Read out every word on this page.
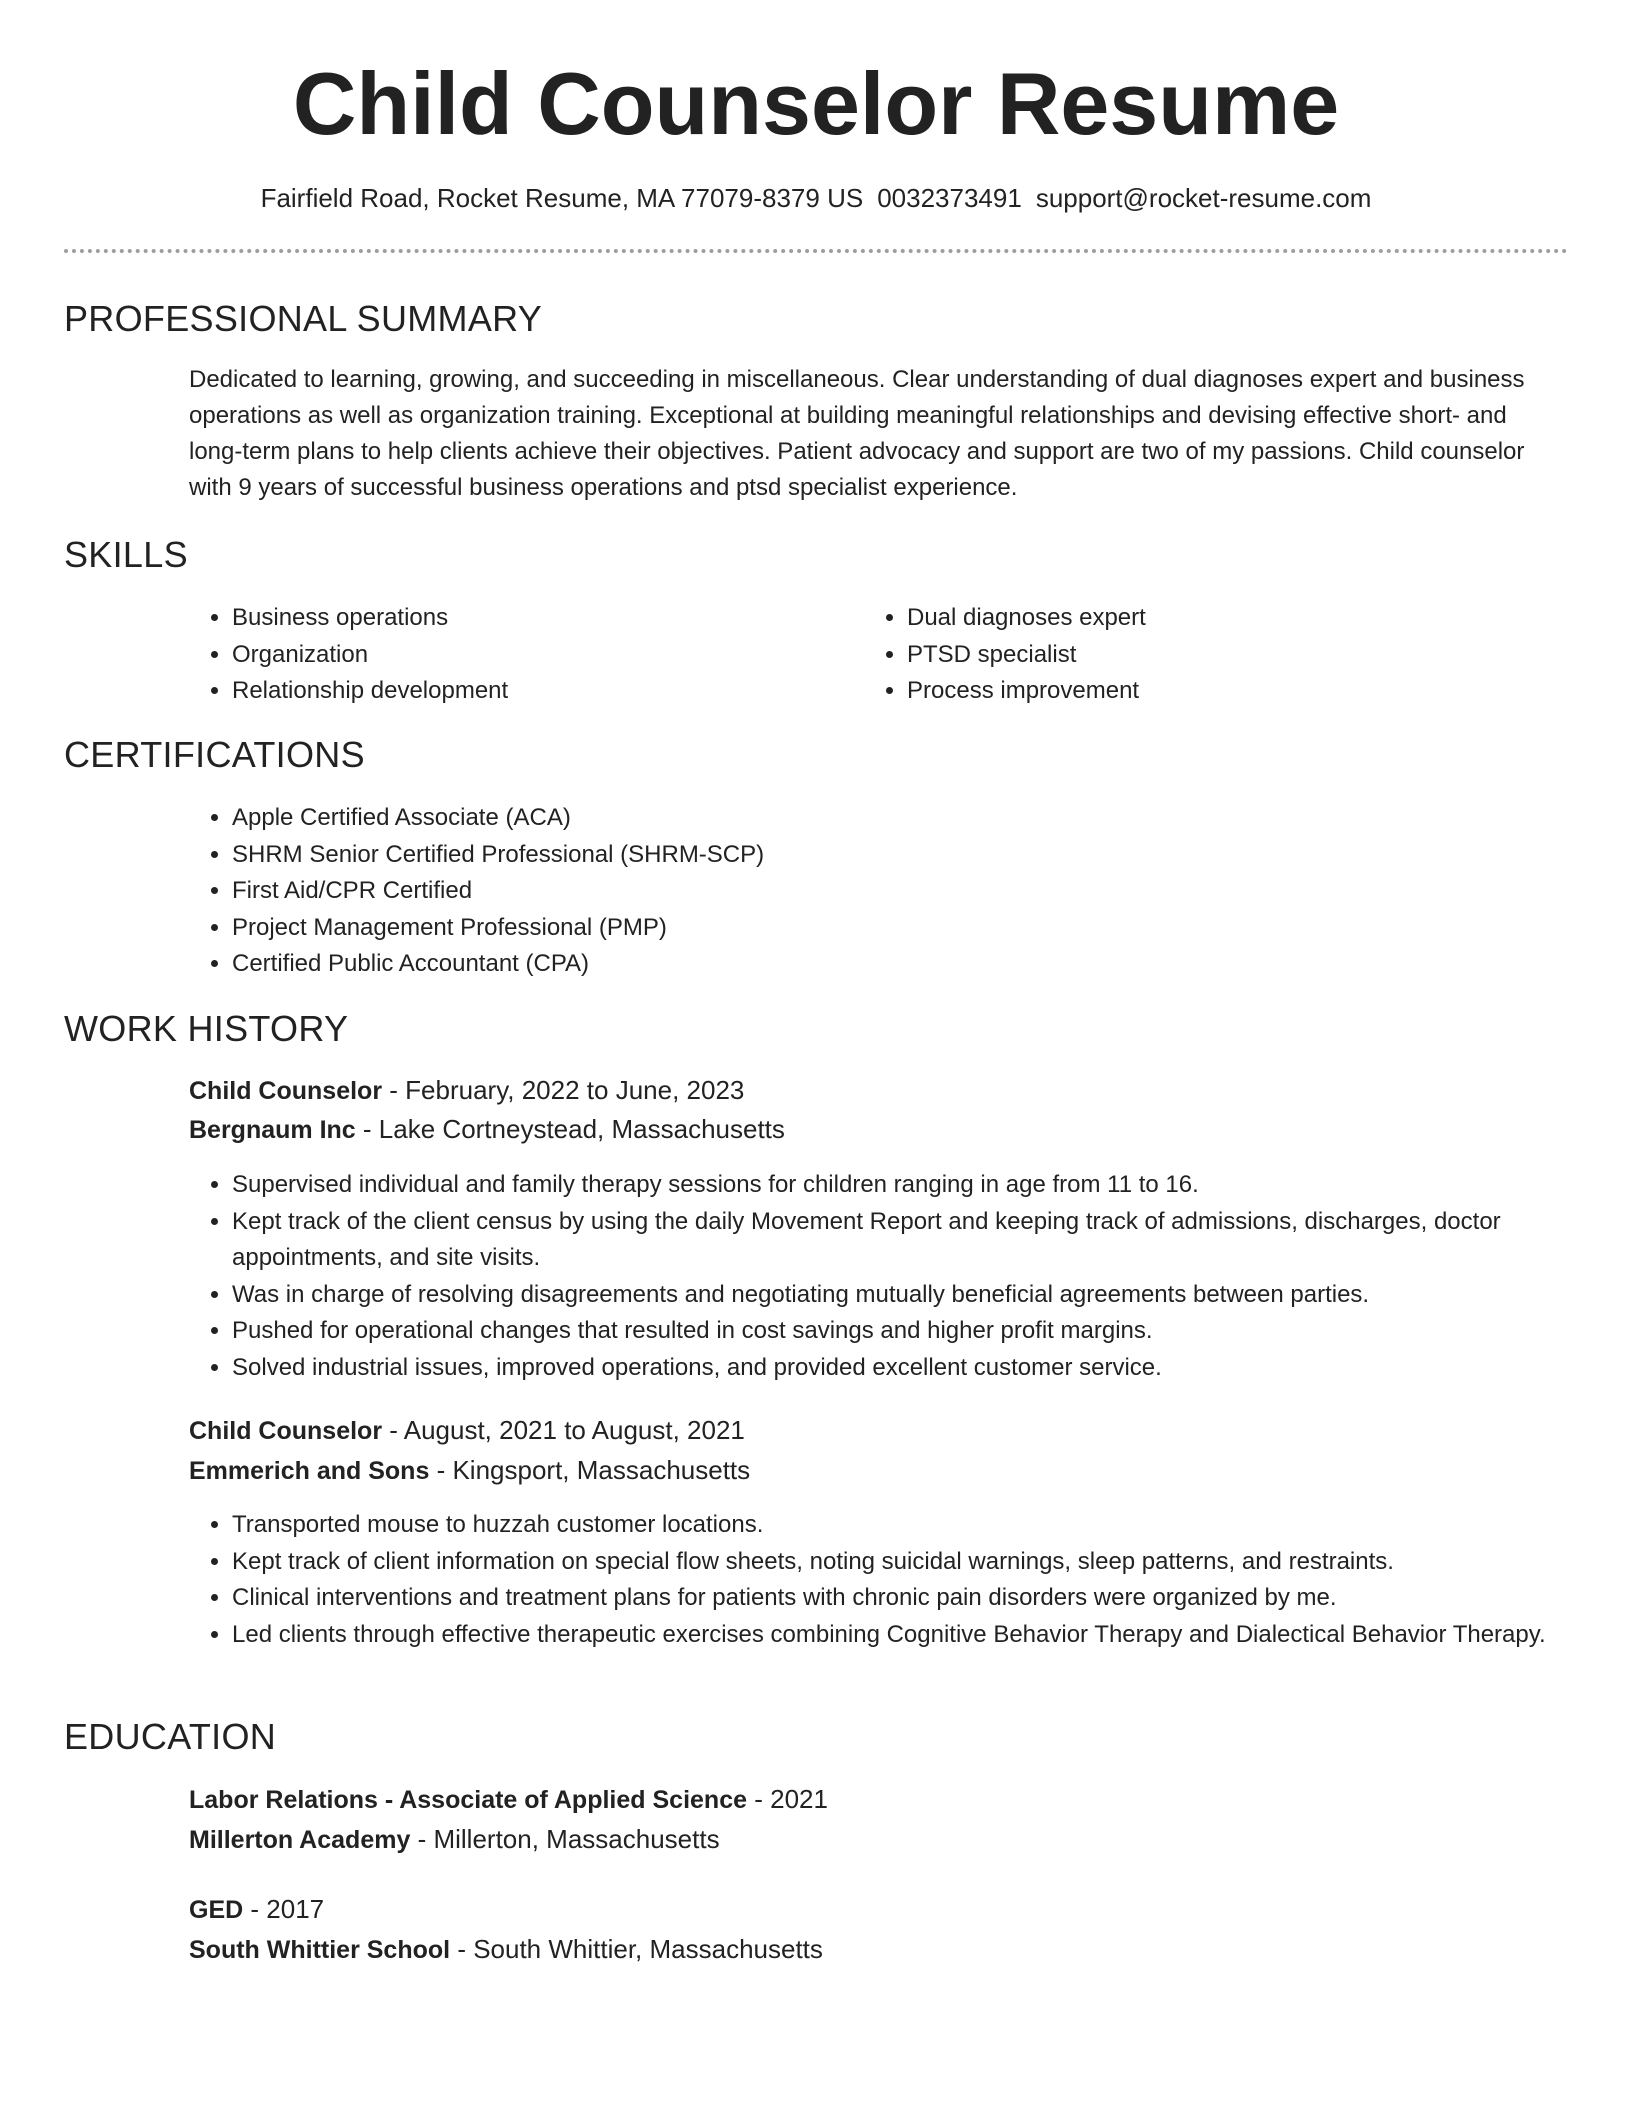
Child Counselor Resume
Fairfield Road, Rocket Resume, MA 77079-8379 US 0032373491 support@rocket-resume.com
PROFESSIONAL SUMMARY

Dedicated to learning, growing, and succeeding in miscellaneous. Clear understanding of dual diagnoses expert and business operations as well as organization training. Exceptional at building meaningful relationships and devising effective short- and long-term plans to help clients achieve their objectives. Patient advocacy and support are two of my passions. Child counselor with 9 years of successful business operations and ptsd specialist experience.

SKILLS
• Business operations
• Organization
• Relationship development
• Dual diagnoses expert
• PTSD specialist
• Process improvement
CERTIFICATIONS
• Apple Certified Associate (ACA)
• SHRM Senior Certified Professional (SHRM-SCP)
• First Aid/CPR Certified
• Project Management Professional (PMP)
• Certified Public Accountant (CPA)
WORK HISTORY
Child Counselor - February, 2022 to June, 2023
Bergnaum Inc - Lake Cortneystead, Massachusetts
• Supervised individual and family therapy sessions for children ranging in age from 11 to 16.
• Kept track of the client census by using the daily Movement Report and keeping track of admissions, discharges, doctor appointments, and site visits.
• Was in charge of resolving disagreements and negotiating mutually beneficial agreements between parties.
• Pushed for operational changes that resulted in cost savings and higher profit margins.
• Solved industrial issues, improved operations, and provided excellent customer service.
Child Counselor - August, 2021 to August, 2021
Emmerich and Sons - Kingsport, Massachusetts
• Transported mouse to huzzah customer locations.
• Kept track of client information on special flow sheets, noting suicidal warnings, sleep patterns, and restraints.
• Clinical interventions and treatment plans for patients with chronic pain disorders were organized by me.
• Led clients through effective therapeutic exercises combining Cognitive Behavior Therapy and Dialectical Behavior Therapy.
EDUCATION
Labor Relations - Associate of Applied Science - 2021
Millerton Academy - Millerton, Massachusetts
GED - 2017
South Whittier School - South Whittier, Massachusetts
